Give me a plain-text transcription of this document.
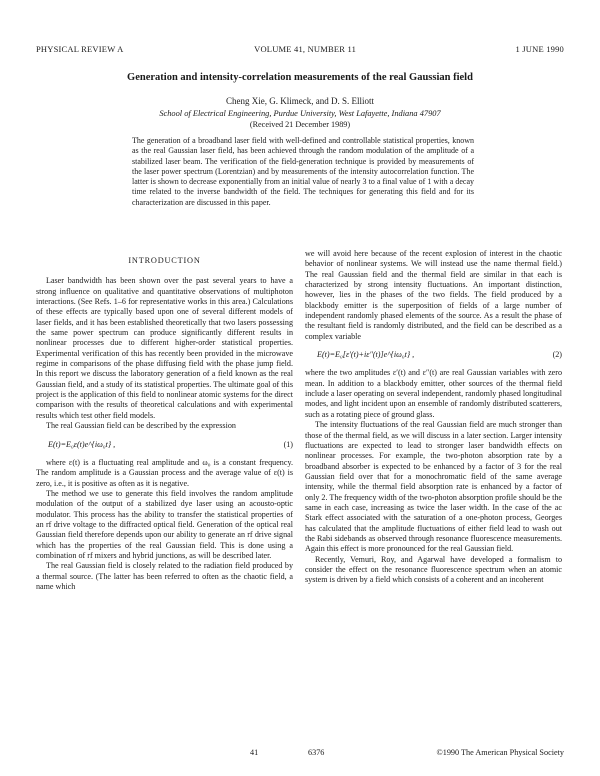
PHYSICAL REVIEW A	VOLUME 41, NUMBER 11	1 JUNE 1990
Generation and intensity-correlation measurements of the real Gaussian field
Cheng Xie, G. Klimeck, and D. S. Elliott
School of Electrical Engineering, Purdue University, West Lafayette, Indiana 47907
(Received 21 December 1989)

The generation of a broadband laser field with well-defined and controllable statistical properties, known as the real Gaussian laser field, has been achieved through the random modulation of the amplitude of a stabilized laser beam. The verification of the field-generation technique is provided by measurements of the laser power spectrum (Lorentzian) and by measurements of the intensity autocorrelation function. The latter is shown to decrease exponentially from an initial value of nearly 3 to a final value of 1 with a decay time related to the inverse bandwidth of the field. The techniques for generating this field and for its characterization are discussed in this paper.

INTRODUCTION

Laser bandwidth has been shown over the past several years to have a strong influence on qualitative and quantitative observations of multiphoton interactions. (See Refs. 1–6 for representative works in this area.) Calculations of these effects are typically based upon one of several different models of laser fields, and it has been established theoretically that two lasers possessing the same power spectrum can produce significantly different results in nonlinear processes due to different higher-order statistical properties. Experimental verification of this has recently been provided in the microwave regime in comparisons of the phase diffusing field with the phase jump field. In this report we discuss the laboratory generation of a field known as the real Gaussian field, and a study of its statistical properties. The ultimate goal of this project is the application of this field to nonlinear atomic systems for the direct comparison with the results of theoretical calculations and with experimental results which test other field models.

The real Gaussian field can be described by the expression

E(t)=E₀ε(t)e^{iω₀t} ,	(1)

where ε(t) is a fluctuating real amplitude and ω₀ is a constant frequency. The random amplitude is a Gaussian process and the average value of ε(t) is zero, i.e., it is positive as often as it is negative.

The method we use to generate this field involves the random amplitude modulation of the output of a stabilized dye laser using an acousto-optic modulator. This process has the ability to transfer the statistical properties of an rf drive voltage to the diffracted optical field. Generation of the optical real Gaussian field therefore depends upon our ability to generate an rf drive signal which has the properties of the real Gaussian field. This is done using a combination of rf mixers and hybrid junctions, as will be described later.

The real Gaussian field is closely related to the radiation field produced by a thermal source. (The latter has been referred to often as the chaotic field, a name which

we will avoid here because of the recent explosion of interest in the chaotic behavior of nonlinear systems. We will instead use the name thermal field.) The real Gaussian field and the thermal field are similar in that each is characterized by strong intensity fluctuations. An important distinction, however, lies in the phases of the two fields. The field produced by a blackbody emitter is the superposition of fields of a large number of independent randomly phased elements of the source. As a result the phase of the resultant field is randomly distributed, and the field can be described as a complex variable

E(t)=E₀[ε′(t)+iε″(t)]e^{iω₀t} ,	(2)

where the two amplitudes ε′(t) and ε″(t) are real Gaussian variables with zero mean. In addition to a blackbody emitter, other sources of the thermal field include a laser operating on several independent, randomly phased longitudinal modes, and light incident upon an ensemble of randomly distributed scatterers, such as a rotating piece of ground glass.

The intensity fluctuations of the real Gaussian field are much stronger than those of the thermal field, as we will discuss in a later section. Larger intensity fluctuations are expected to lead to stronger laser bandwidth effects on nonlinear processes. For example, the two-photon absorption rate by a broadband absorber is expected to be enhanced by a factor of 3 for the real Gaussian field over that for a monochromatic field of the same average intensity, while the thermal field absorption rate is enhanced by a factor of only 2. The frequency width of the two-photon absorption profile should be the same in each case, increasing as twice the laser width. In the case of the ac Stark effect associated with the saturation of a one-photon process, Georges has calculated that the amplitude fluctuations of either field lead to wash out the Rabi sidebands as observed through resonance fluorescence measurements. Again this effect is more pronounced for the real Gaussian field.

Recently, Vemuri, Roy, and Agarwal have developed a formalism to consider the effect on the resonance fluorescence spectrum when an atomic system is driven by a field which consists of a coherent and an incoherent

41	6376	©1990 The American Physical Society
